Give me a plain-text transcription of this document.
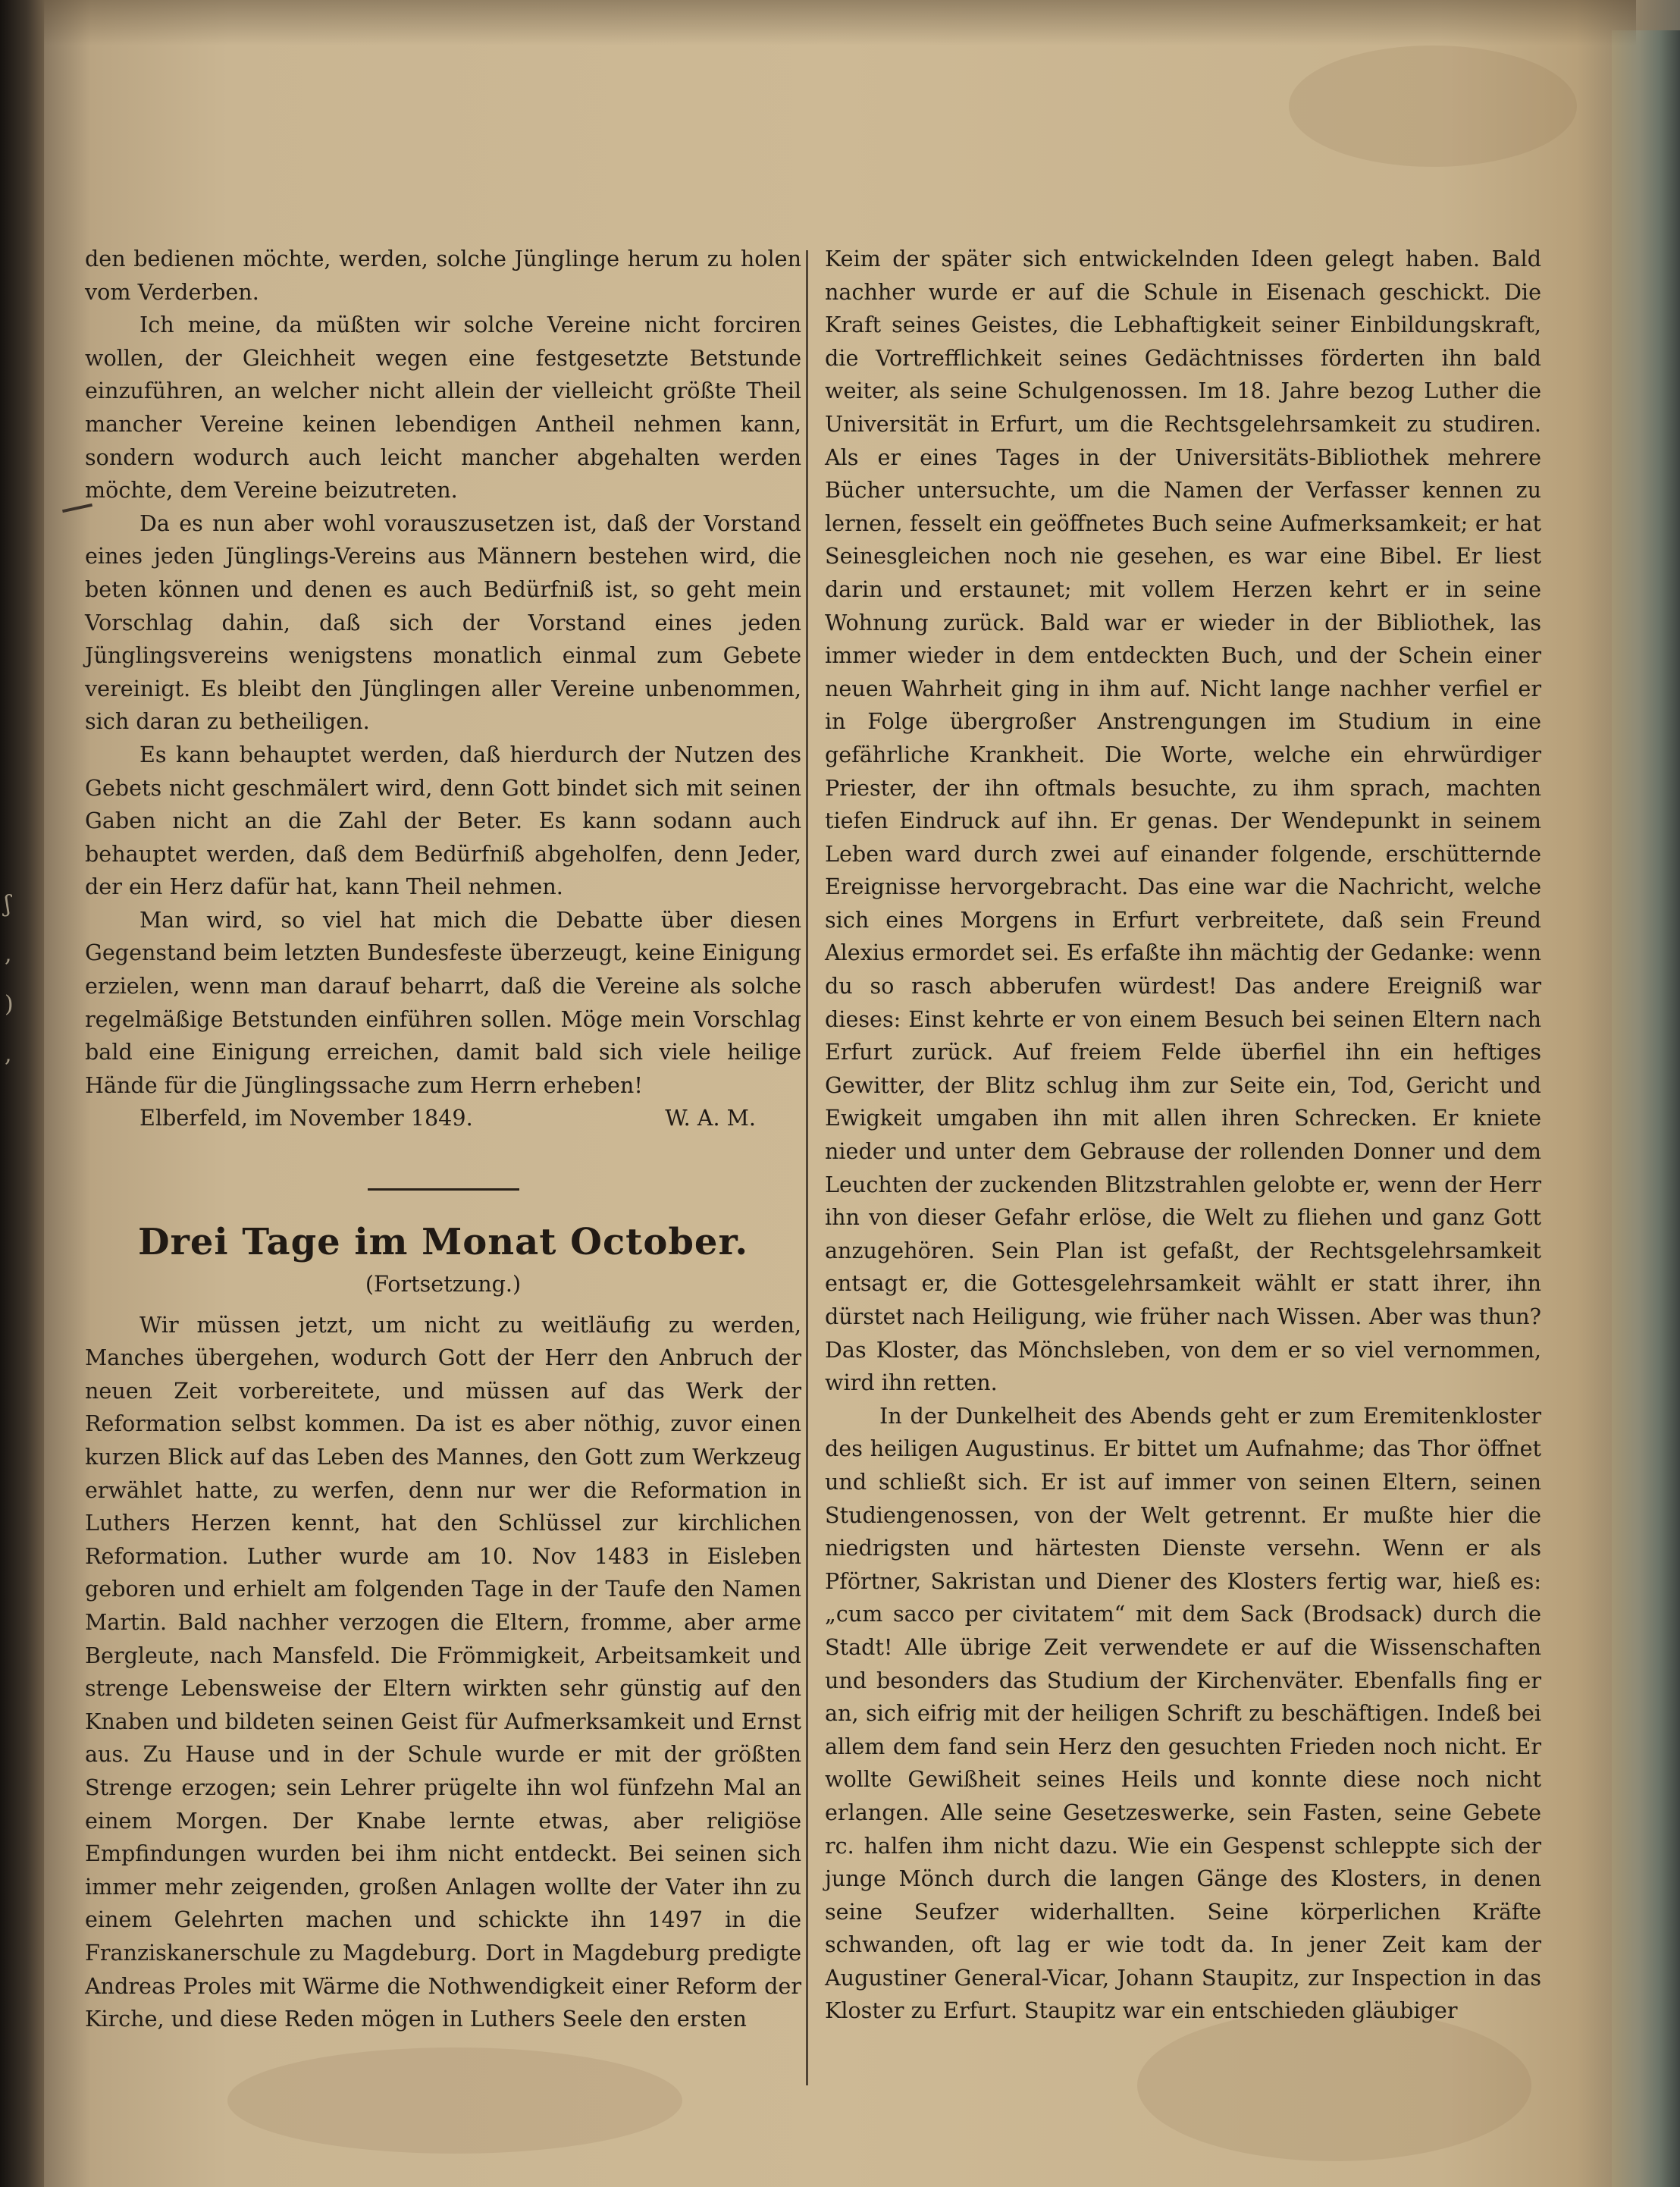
ʃ
,
)
,

den bedienen möchte, werden, solche Jünglinge herum zu holen vom Verderben.

Ich meine, da müßten wir solche Vereine nicht forciren wollen, der Gleichheit wegen eine festgesetzte Betstunde einzuführen, an welcher nicht allein der vielleicht größte Theil mancher Vereine keinen lebendigen Antheil nehmen kann, sondern wodurch auch leicht mancher abgehalten werden möchte, dem Vereine beizutreten.

Da es nun aber wohl vorauszusetzen ist, daß der Vorstand eines jeden Jünglings-Vereins aus Männern bestehen wird, die beten können und denen es auch Bedürfniß ist, so geht mein Vorschlag dahin, daß sich der Vorstand eines jeden Jünglingsvereins wenigstens monatlich einmal zum Gebete vereinigt. Es bleibt den Jünglingen aller Vereine unbenommen, sich daran zu betheiligen.

Es kann behauptet werden, daß hierdurch der Nutzen des Gebets nicht geschmälert wird, denn Gott bindet sich mit seinen Gaben nicht an die Zahl der Beter. Es kann sodann auch behauptet werden, daß dem Bedürfniß abgeholfen, denn Jeder, der ein Herz dafür hat, kann Theil nehmen.

Man wird, so viel hat mich die Debatte über diesen Gegenstand beim letzten Bundesfeste überzeugt, keine Einigung erzielen, wenn man darauf beharrt, daß die Vereine als solche regelmäßige Betstunden einführen sollen. Möge mein Vorschlag bald eine Einigung erreichen, damit bald sich viele heilige Hände für die Jünglingssache zum Herrn erheben!

Elberfeld, im November 1849.	W. A. M.
Drei Tage im Monat October.
(Fortsetzung.)

Wir müssen jetzt, um nicht zu weitläufig zu werden, Manches übergehen, wodurch Gott der Herr den Anbruch der neuen Zeit vorbereitete, und müssen auf das Werk der Reformation selbst kommen. Da ist es aber nöthig, zuvor einen kurzen Blick auf das Leben des Mannes, den Gott zum Werkzeug erwählet hatte, zu werfen, denn nur wer die Reformation in Luthers Herzen kennt, hat den Schlüssel zur kirchlichen Reformation. Luther wurde am 10. Nov 1483 in Eisleben geboren und erhielt am folgenden Tage in der Taufe den Namen Martin. Bald nachher verzogen die Eltern, fromme, aber arme Bergleute, nach Mansfeld. Die Frömmigkeit, Arbeitsamkeit und strenge Lebensweise der Eltern wirkten sehr günstig auf den Knaben und bildeten seinen Geist für Aufmerksamkeit und Ernst aus. Zu Hause und in der Schule wurde er mit der größten Strenge erzogen; sein Lehrer prügelte ihn wol fünfzehn Mal an einem Morgen. Der Knabe lernte etwas, aber religiöse Empfindungen wurden bei ihm nicht entdeckt. Bei seinen sich immer mehr zeigenden, großen Anlagen wollte der Vater ihn zu einem Gelehrten machen und schickte ihn 1497 in die Franziskanerschule zu Magdeburg. Dort in Magdeburg predigte Andreas Proles mit Wärme die Nothwendigkeit einer Reform der Kirche, und diese Reden mögen in Luthers Seele den ersten

Keim der später sich entwickelnden Ideen gelegt haben. Bald nachher wurde er auf die Schule in Eisenach geschickt. Die Kraft seines Geistes, die Lebhaftigkeit seiner Einbildungskraft, die Vortrefflichkeit seines Gedächtnisses förderten ihn bald weiter, als seine Schulgenossen. Im 18. Jahre bezog Luther die Universität in Erfurt, um die Rechtsgelehrsamkeit zu studiren. Als er eines Tages in der Universitäts-Bibliothek mehrere Bücher untersuchte, um die Namen der Verfasser kennen zu lernen, fesselt ein geöffnetes Buch seine Aufmerksamkeit; er hat Seinesgleichen noch nie gesehen, es war eine Bibel. Er liest darin und erstaunet; mit vollem Herzen kehrt er in seine Wohnung zurück. Bald war er wieder in der Bibliothek, las immer wieder in dem entdeckten Buch, und der Schein einer neuen Wahrheit ging in ihm auf. Nicht lange nachher verfiel er in Folge übergroßer Anstrengungen im Studium in eine gefährliche Krankheit. Die Worte, welche ein ehrwürdiger Priester, der ihn oftmals besuchte, zu ihm sprach, machten tiefen Eindruck auf ihn. Er genas. Der Wendepunkt in seinem Leben ward durch zwei auf einander folgende, erschütternde Ereignisse hervorgebracht. Das eine war die Nachricht, welche sich eines Morgens in Erfurt verbreitete, daß sein Freund Alexius ermordet sei. Es erfaßte ihn mächtig der Gedanke: wenn du so rasch abberufen würdest! Das andere Ereigniß war dieses: Einst kehrte er von einem Besuch bei seinen Eltern nach Erfurt zurück. Auf freiem Felde überfiel ihn ein heftiges Gewitter, der Blitz schlug ihm zur Seite ein, Tod, Gericht und Ewigkeit umgaben ihn mit allen ihren Schrecken. Er kniete nieder und unter dem Gebrause der rollenden Donner und dem Leuchten der zuckenden Blitzstrahlen gelobte er, wenn der Herr ihn von dieser Gefahr erlöse, die Welt zu fliehen und ganz Gott anzugehören. Sein Plan ist gefaßt, der Rechtsgelehrsamkeit entsagt er, die Gottesgelehrsamkeit wählt er statt ihrer, ihn dürstet nach Heiligung, wie früher nach Wissen. Aber was thun? Das Kloster, das Mönchsleben, von dem er so viel vernommen, wird ihn retten.

In der Dunkelheit des Abends geht er zum Eremitenkloster des heiligen Augustinus. Er bittet um Aufnahme; das Thor öffnet und schließt sich. Er ist auf immer von seinen Eltern, seinen Studiengenossen, von der Welt getrennt. Er mußte hier die niedrigsten und härtesten Dienste versehn. Wenn er als Pförtner, Sakristan und Diener des Klosters fertig war, hieß es: „cum sacco per civitatem“ mit dem Sack (Brodsack) durch die Stadt! Alle übrige Zeit verwendete er auf die Wissenschaften und besonders das Studium der Kirchenväter. Ebenfalls fing er an, sich eifrig mit der heiligen Schrift zu beschäftigen. Indeß bei allem dem fand sein Herz den gesuchten Frieden noch nicht. Er wollte Gewißheit seines Heils und konnte diese noch nicht erlangen. Alle seine Gesetzeswerke, sein Fasten, seine Gebete rc. halfen ihm nicht dazu. Wie ein Gespenst schleppte sich der junge Mönch durch die langen Gänge des Klosters, in denen seine Seufzer widerhallten. Seine körperlichen Kräfte schwanden, oft lag er wie todt da. In jener Zeit kam der Augustiner General-Vicar, Johann Staupitz, zur Inspection in das Kloster zu Erfurt. Staupitz war ein entschieden gläubiger
